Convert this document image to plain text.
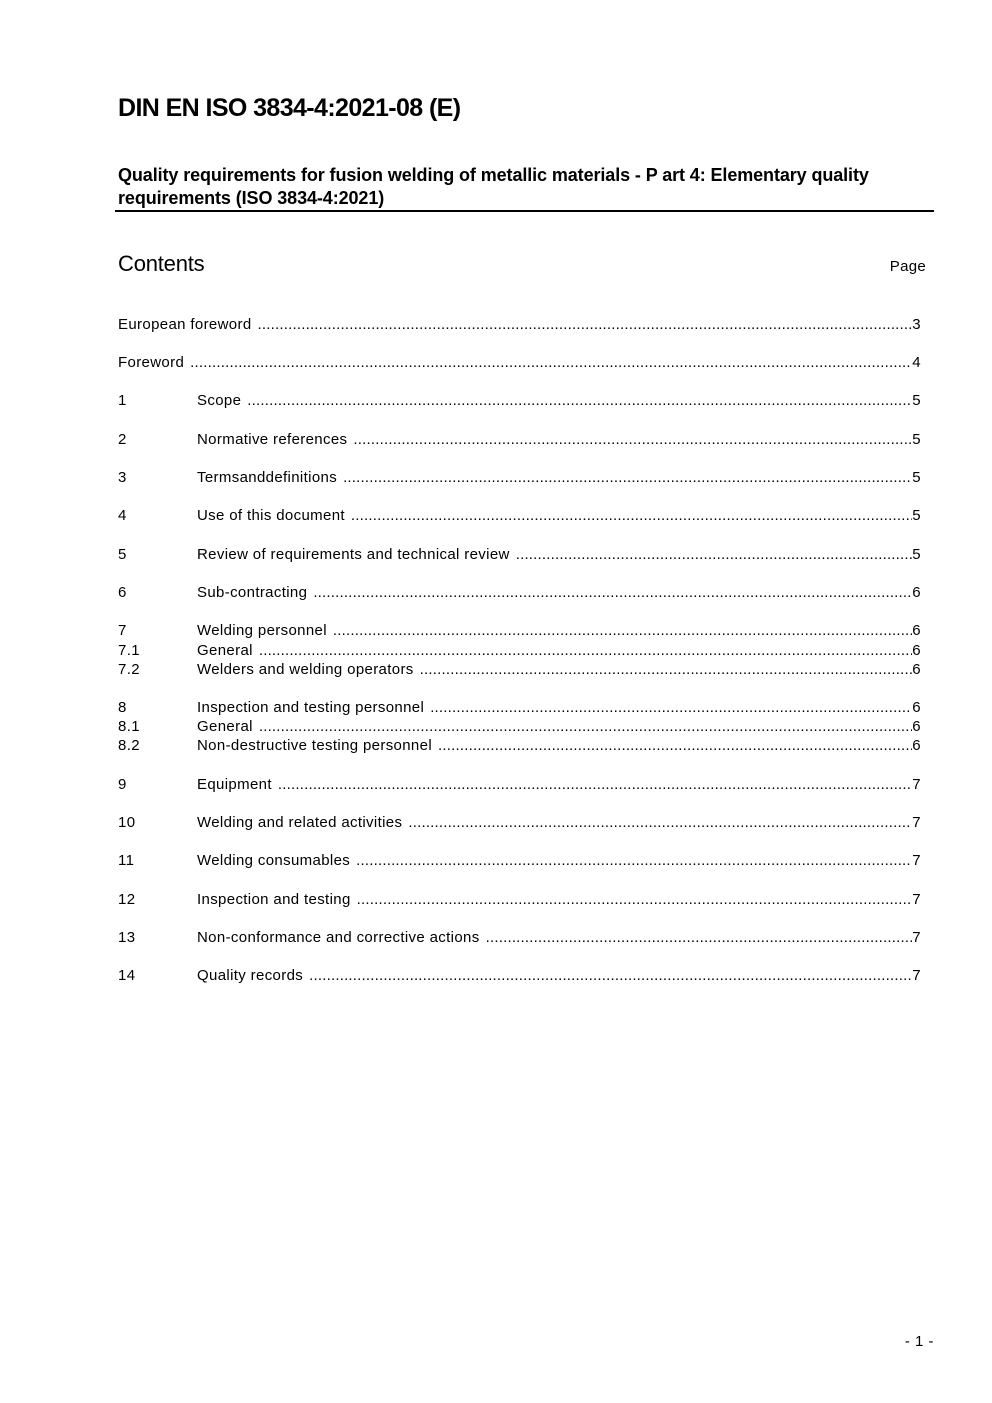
DIN EN ISO 3834-4:2021-08 (E)
Quality requirements for fusion welding of metallic materials - P art 4: Elementary quality requirements (ISO 3834-4:2021)
Contents	Page
European foreword .....	3
Foreword .....	4
1	Scope .....	5
2	Normative references .....	5
3	Termsanddefinitions .....	5
4	Use of this document .....	5
5	Review of requirements and technical review .....	5
6	Sub-contracting .....	6
7	Welding personnel .....	6
7.1	General .....	6
7.2	Welders and welding operators .....	6
8	Inspection and testing personnel .....	6
8.1	General .....	6
8.2	Non-destructive testing personnel .....	6
9	Equipment .....	7
10	Welding and related activities .....	7
11	Welding consumables .....	7
12	Inspection and testing .....	7
13	Non-conformance and corrective actions .....	7
14	Quality records .....	7
- 1 -
